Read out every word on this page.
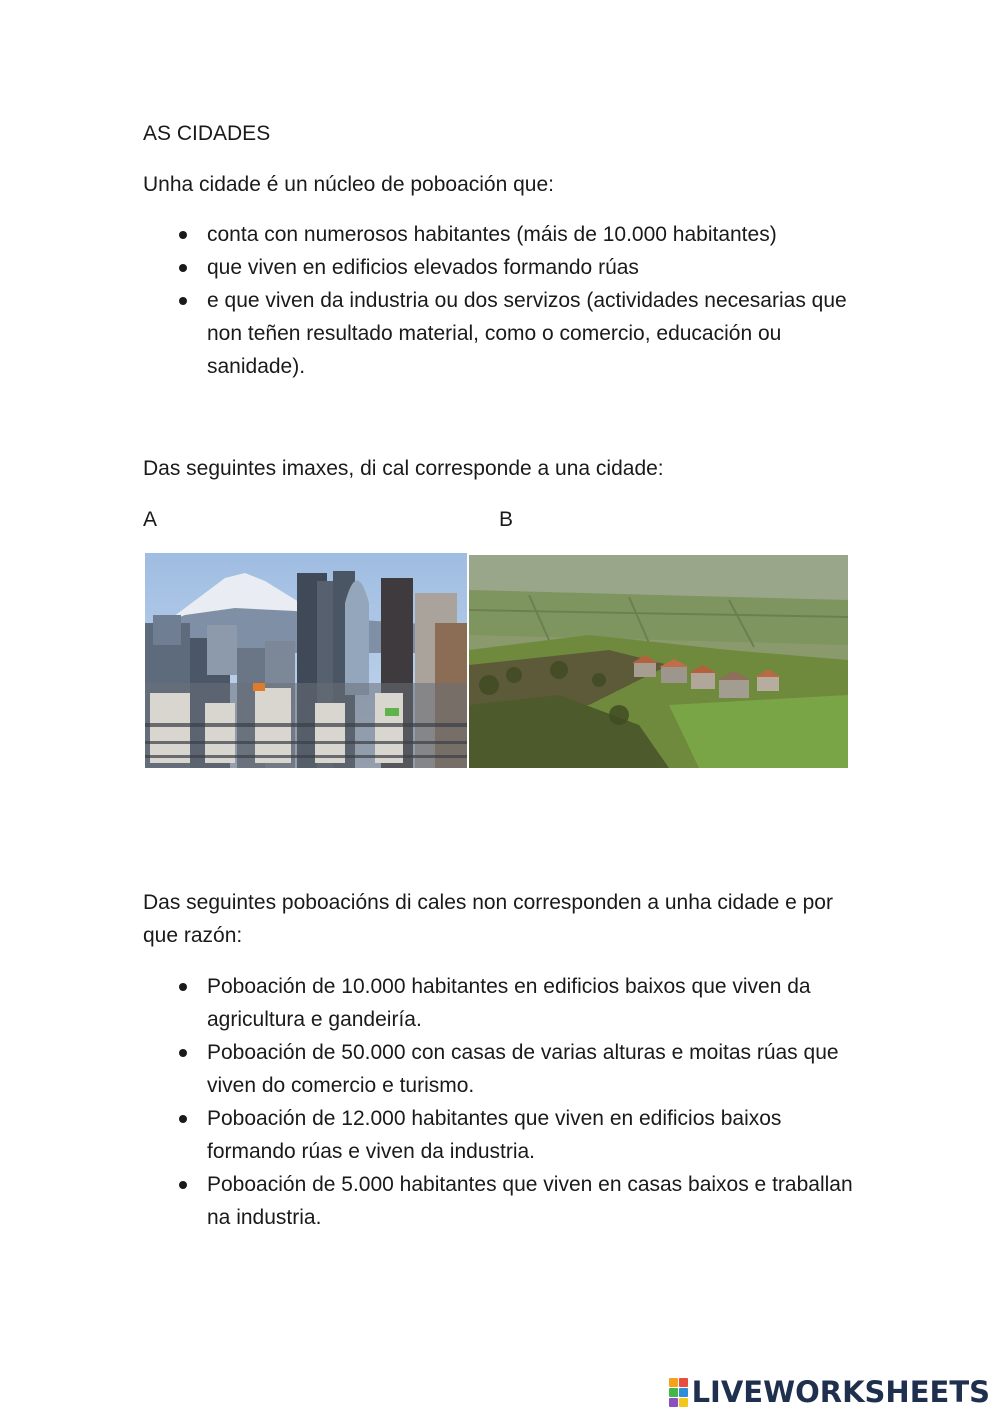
AS CIDADES

Unha cidade é un núcleo de poboación que:

conta con numerosos habitantes (máis de 10.000 habitantes)
que viven en edificios elevados formando rúas
e que viven da industria ou dos servizos (actividades necesarias que non teñen resultado material, como o comercio, educación ou sanidade).

Das seguintes imaxes, di cal corresponde a una cidade:

A	B

Das seguintes poboacións di cales non corresponden a unha cidade e por que razón:

Poboación de 10.000 habitantes en edificios baixos que viven da agricultura e gandeiría.
Poboación de 50.000 con casas de varias alturas e moitas rúas que viven do comercio e turismo.
Poboación de 12.000 habitantes que viven en edificios baixos formando rúas e viven da industria.
Poboación de 5.000 habitantes que viven en casas baixos e traballan na industria.
LIVEWORKSHEETS
